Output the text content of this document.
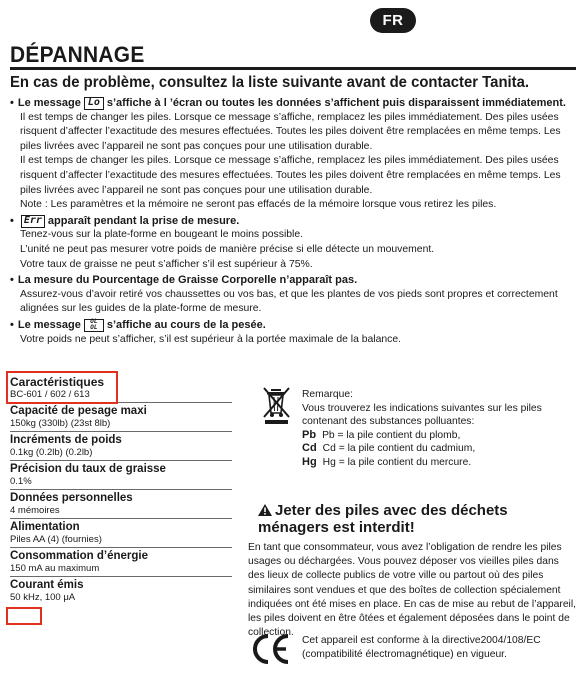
FR
DÉPANNAGE
En cas de problème, consultez la liste suivante avant de contacter Tanita.
• Le message Lo s’affiche à l ’écran ou toutes les données s’affichent puis disparaissent immédiatement.

Il est temps de changer les piles. Lorsque ce message s’affiche, remplacez les piles immédiatement. Des piles usées risquent d’affecter l’exactitude des mesures effectuées. Toutes les piles doivent être remplacées en même temps. Les piles livrées avec l’appareil ne sont pas conçues pour une utilisation durable.

Il est temps de changer les piles. Lorsque ce message s’affiche, remplacez les piles immédiatement. Des piles usées risquent d’affecter l’exactitude des mesures effectuées. Toutes les piles doivent être remplacées en même temps. Les piles livrées avec l’appareil ne sont pas conçues pour une utilisation durable.

Note : Les paramètres et la mémoire ne seront pas effacés de la mémoire lorsque vous retirez les piles.

•	Err apparaît pendant la prise de mesure.

Tenez-vous sur la plate-forme en bougeant le moins possible.

L’unité ne peut pas mesurer votre poids de manière précise si elle détecte un mouvement.

Votre taux de graisse ne peut s’afficher s’il est supérieur à 75%.

• La mesure du Pourcentage de Graisse Corporelle n’apparaît pas.

Assurez-vous d’avoir retiré vos chaussettes ou vos bas, et que les plantes de vos pieds sont propres et correctement alignées sur les guides de la plate-forme de mesure.

• Le message OL
OL s’affiche au cours de la pesée.

Votre poids ne peut s’afficher, s’il est supérieur à la portée maximale de la balance.

Caractéristiques
BC-601 / 602 / 613
Capacité de pesage maxi
150kg (330lb) (23st 8lb)
Incréments de poids
0.1kg (0.2lb) (0.2lb)
Précision du taux de graisse
0.1%
Données personnelles
4 mémoires
Alimentation
Piles AA (4) (fournies)
Consommation d’énergie
150 mA au maximum
Courant émis
50 kHz, 100 μA
Remarque:
Vous trouverez les indications suivantes sur les piles contenant des substances polluantes:
Pb Pb = la pile contient du plomb,
Cd Cd = la pile contient du cadmium,
Hg Hg = la pile contient du mercure.
Jeter des piles avec des déchets ménagers est interdit!
En tant que consommateur, vous avez l’obligation de rendre les piles usages ou déchargées. Vous pouvez déposer vos vieilles piles dans des lieux de collecte publics de votre ville ou partout où des piles similaires sont vendues et que des boîtes de collection spécialement indiquées ont été mises en place. En cas de mise au rebut de l’appareil, les piles doivent en être ôtées et également déposées dans le point de collection.
Cet appareil est conforme à la directive2004/108/EC (compatibilité électromagnétique) en vigueur.
